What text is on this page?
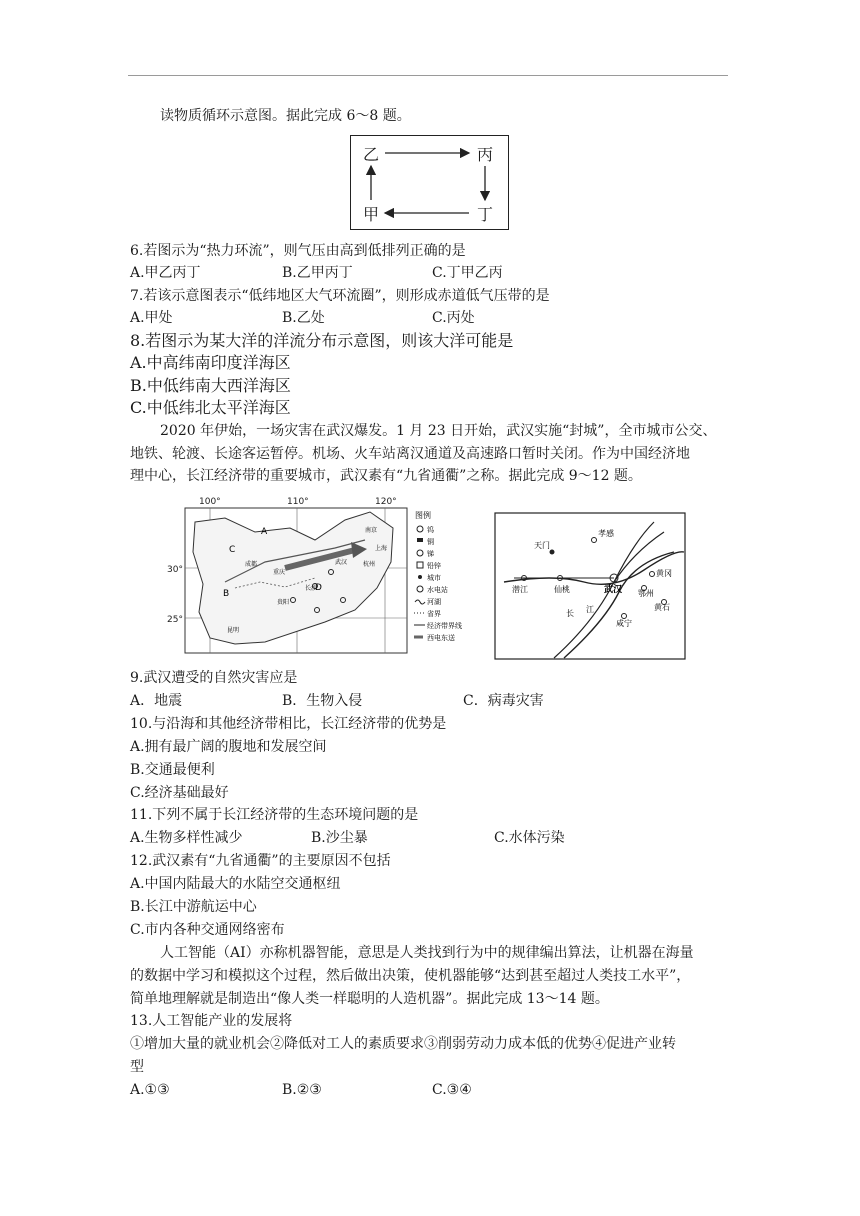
读物质循环示意图。据此完成 6～8 题。
乙	丙
甲	丁
6.若图示为“热力环流”，则气压由高到低排列正确的是
A.甲乙丙丁	B.乙甲丙丁	C.丁甲乙丙
7.若该示意图表示“低纬地区大气环流圈”，则形成赤道低气压带的是
A.甲处	B.乙处	C.丙处
8.若图示为某大洋的洋流分布示意图，则该大洋可能是
A.中高纬南印度洋海区
B.中低纬南大西洋海区
C.中低纬北太平洋海区
2020 年伊始，一场灾害在武汉爆发。1 月 23 日开始，武汉实施“封城”，全市城市公交、
地铁、轮渡、长途客运暂停。机场、火车站离汉通道及高速路口暂时关闭。作为中国经济地
理中心，长江经济带的重要城市，武汉素有“九省通衢”之称。据此完成 9～12 题。
100°	110°	120°
30°
25°
C
A
B
D
成都
重庆
长沙
贵阳
昆明
武汉
南京
上海
杭州
图例
钨
铜
锑
铅锌
城市
水电站
河湖
省界
经济带界线
西电东送
天门
孝感
潜江	仙桃	武汉
黄冈
鄂州
黄石
咸宁
长 江
9.武汉遭受的自然灾害应是
A．地震	B．生物入侵	C．病毒灾害
10.与沿海和其他经济带相比，长江经济带的优势是
A.拥有最广阔的腹地和发展空间
B.交通最便利
C.经济基础最好
11.下列不属于长江经济带的生态环境问题的是
A.生物多样性减少	B.沙尘暴	C.水体污染
12.武汉素有“九省通衢”的主要原因不包括
A.中国内陆最大的水陆空交通枢纽
B.长江中游航运中心
C.市内各种交通网络密布
人工智能（AI）亦称机器智能，意思是人类找到行为中的规律编出算法，让机器在海量
的数据中学习和模拟这个过程，然后做出决策，使机器能够“达到甚至超过人类技工水平”，
简单地理解就是制造出“像人类一样聪明的人造机器”。据此完成 13～14 题。
13.人工智能产业的发展将
①增加大量的就业机会②降低对工人的素质要求③削弱劳动力成本低的优势④促进产业转
型
A.①③	B.②③	C.③④
